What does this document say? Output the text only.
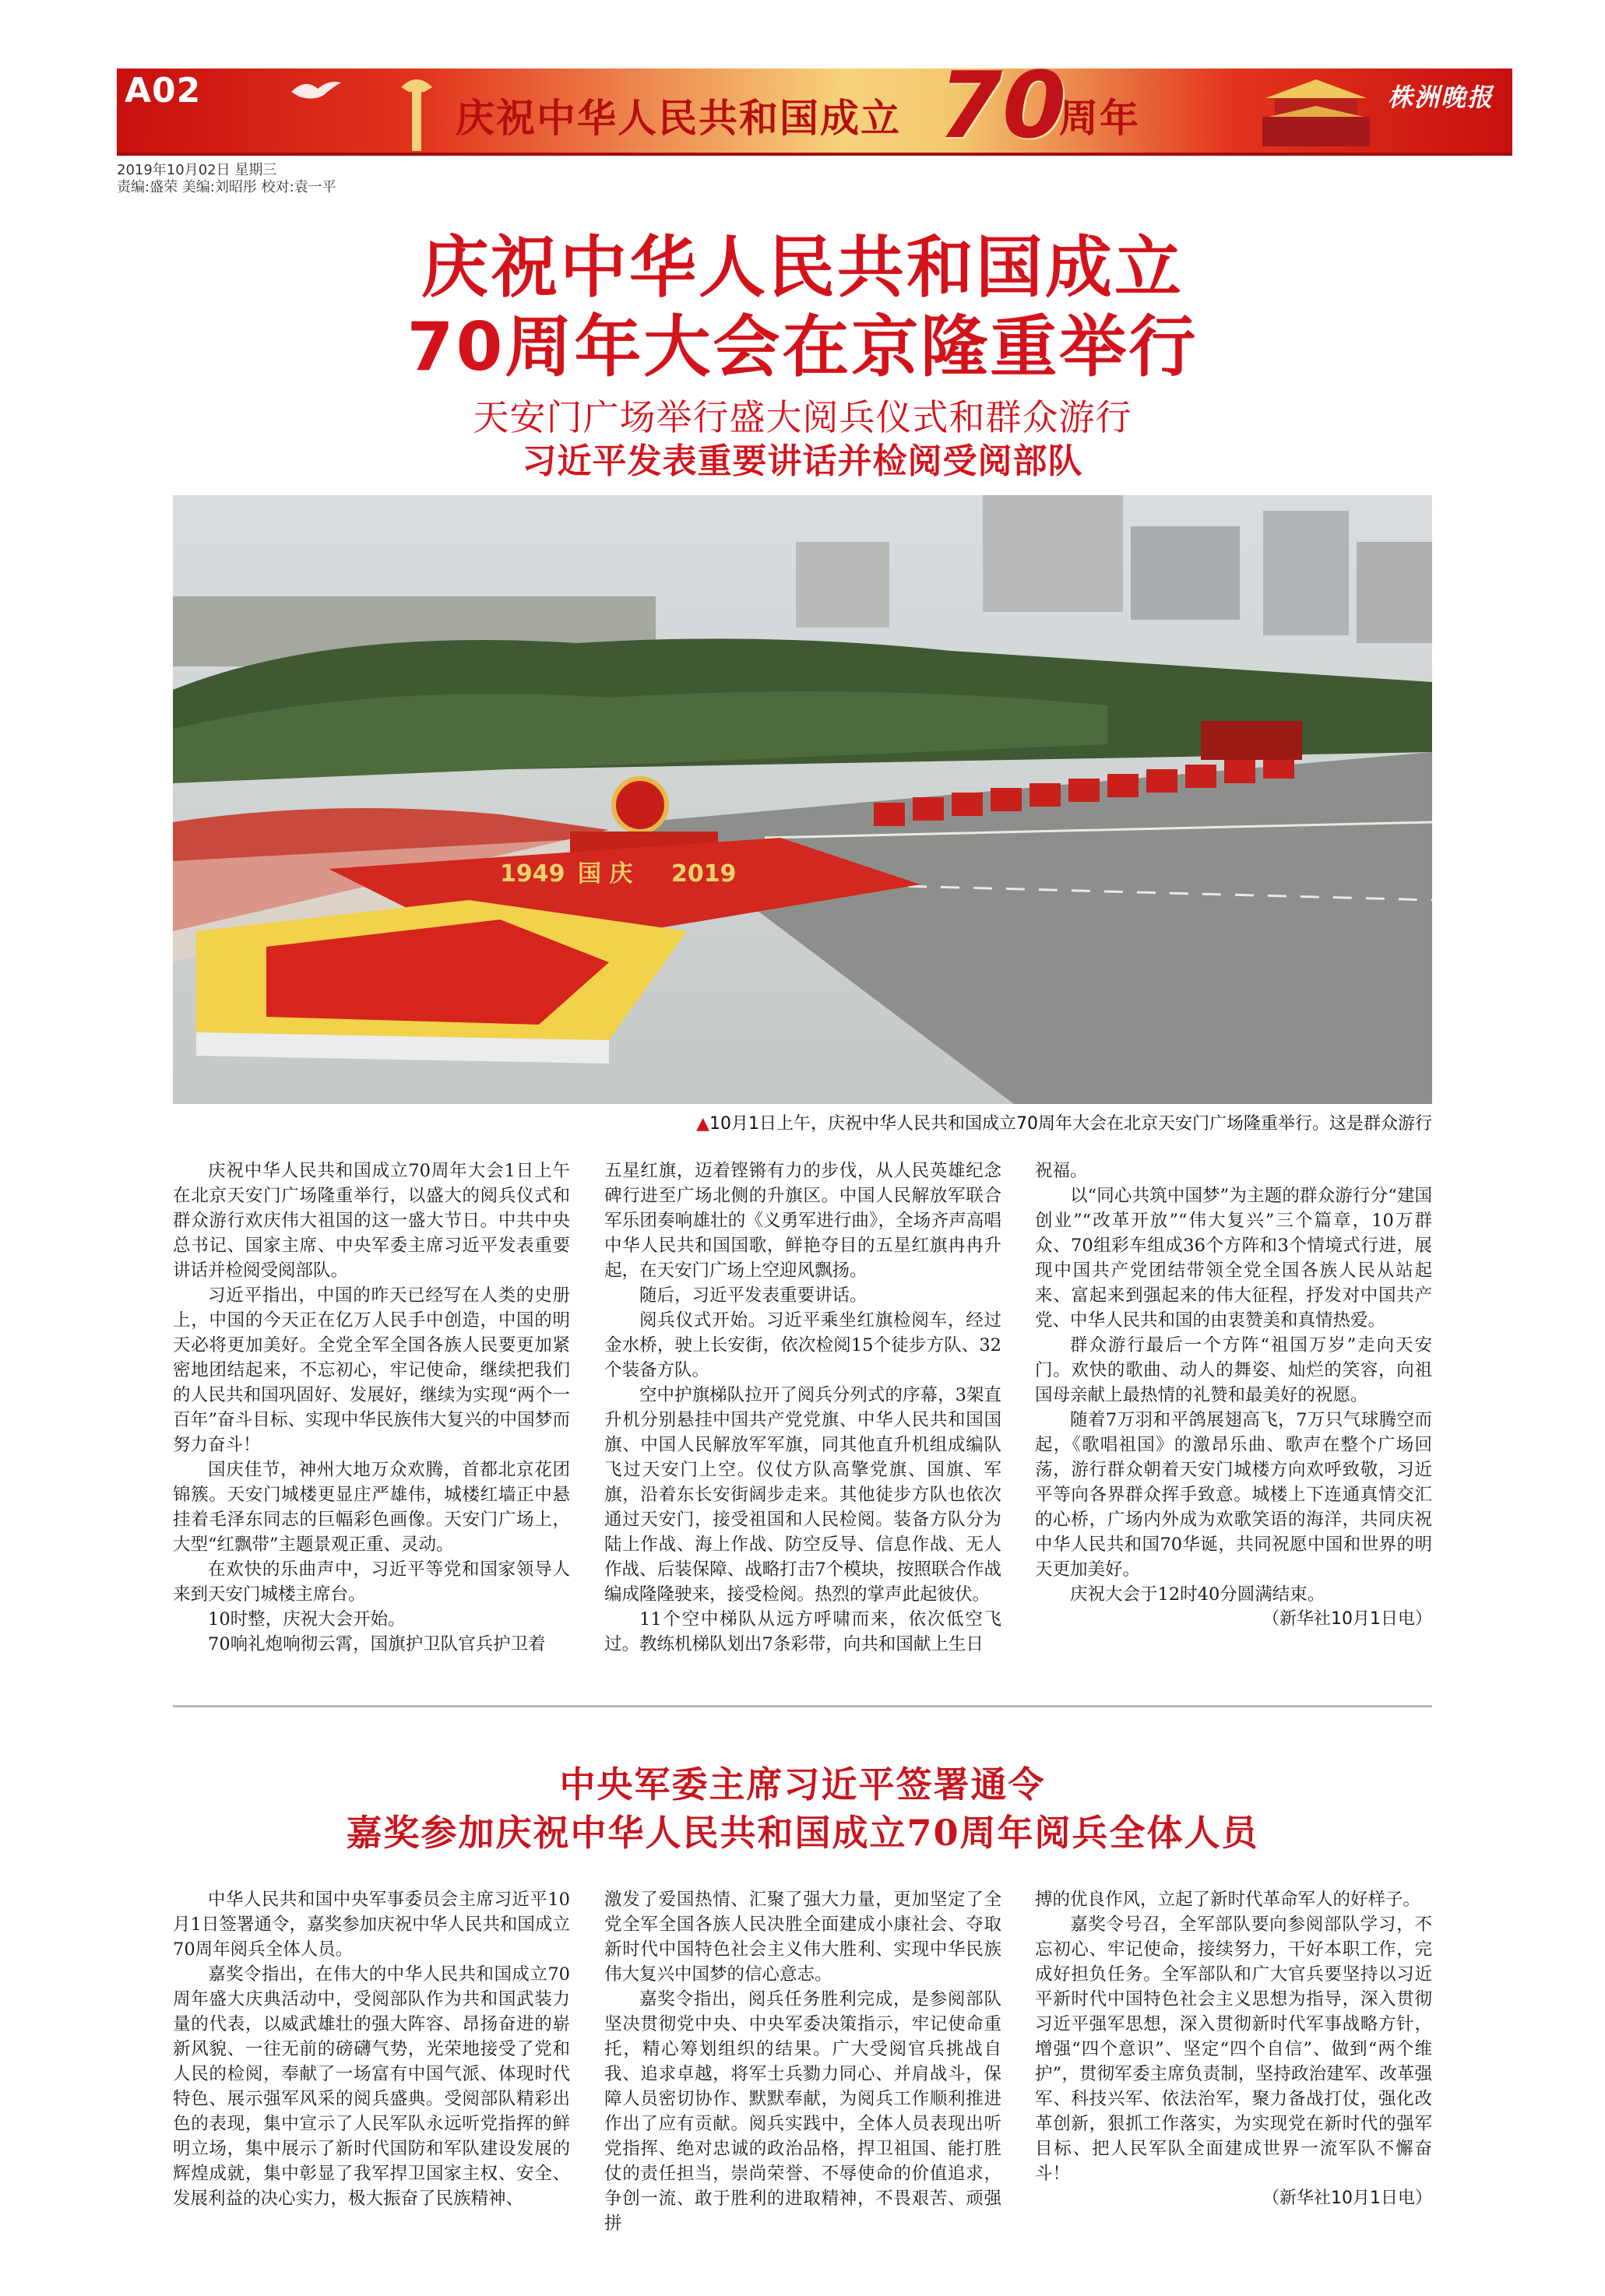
A02
庆祝中华人民共和国成立 70
周年	株洲晚报
2019年10月02日 星期三
责编:盛荣 美编:刘昭彤 校对:袁一平
庆祝中华人民共和国成立
70周年大会在京隆重举行
天安门广场举行盛大阅兵仪式和群众游行
习近平发表重要讲话并检阅受阅部队
1949 国 庆 2019
▲10月1日上午，庆祝中华人民共和国成立70周年大会在北京天安门广场隆重举行。这是群众游行

庆祝中华人民共和国成立70周年大会1日上午在北京天安门广场隆重举行，以盛大的阅兵仪式和群众游行欢庆伟大祖国的这一盛大节日。中共中央总书记、国家主席、中央军委主席习近平发表重要讲话并检阅受阅部队。

习近平指出，中国的昨天已经写在人类的史册上，中国的今天正在亿万人民手中创造，中国的明天必将更加美好。全党全军全国各族人民要更加紧密地团结起来，不忘初心，牢记使命，继续把我们的人民共和国巩固好、发展好，继续为实现“两个一百年”奋斗目标、实现中华民族伟大复兴的中国梦而努力奋斗！

国庆佳节，神州大地万众欢腾，首都北京花团锦簇。天安门城楼更显庄严雄伟，城楼红墙正中悬挂着毛泽东同志的巨幅彩色画像。天安门广场上，大型“红飘带”主题景观正重、灵动。

在欢快的乐曲声中，习近平等党和国家领导人来到天安门城楼主席台。

10时整，庆祝大会开始。

70响礼炮响彻云霄，国旗护卫队官兵护卫着

五星红旗，迈着铿锵有力的步伐，从人民英雄纪念碑行进至广场北侧的升旗区。中国人民解放军联合军乐团奏响雄壮的《义勇军进行曲》，全场齐声高唱中华人民共和国国歌，鲜艳夺目的五星红旗冉冉升起，在天安门广场上空迎风飘扬。

随后，习近平发表重要讲话。

阅兵仪式开始。习近平乘坐红旗检阅车，经过金水桥，驶上长安街，依次检阅15个徒步方队、32个装备方队。

空中护旗梯队拉开了阅兵分列式的序幕，3架直升机分别悬挂中国共产党党旗、中华人民共和国国旗、中国人民解放军军旗，同其他直升机组成编队飞过天安门上空。仪仗方队高擎党旗、国旗、军旗，沿着东长安街阔步走来。其他徒步方队也依次通过天安门，接受祖国和人民检阅。装备方队分为陆上作战、海上作战、防空反导、信息作战、无人作战、后装保障、战略打击7个模块，按照联合作战编成隆隆驶来，接受检阅。热烈的掌声此起彼伏。

11个空中梯队从远方呼啸而来，依次低空飞过。教练机梯队划出7条彩带，向共和国献上生日

祝福。

以“同心共筑中国梦”为主题的群众游行分“建国创业”“改革开放”“伟大复兴”三个篇章，10万群众、70组彩车组成36个方阵和3个情境式行进，展现中国共产党团结带领全党全国各族人民从站起来、富起来到强起来的伟大征程，抒发对中国共产党、中华人民共和国的由衷赞美和真情热爱。

群众游行最后一个方阵“祖国万岁”走向天安门。欢快的歌曲、动人的舞姿、灿烂的笑容，向祖国母亲献上最热情的礼赞和最美好的祝愿。

随着7万羽和平鸽展翅高飞，7万只气球腾空而起，《歌唱祖国》的激昂乐曲、歌声在整个广场回荡，游行群众朝着天安门城楼方向欢呼致敬，习近平等向各界群众挥手致意。城楼上下连通真情交汇的心桥，广场内外成为欢歌笑语的海洋，共同庆祝中华人民共和国70华诞，共同祝愿中国和世界的明天更加美好。

庆祝大会于12时40分圆满结束。

（新华社10月1日电）

中央军委主席习近平签署通令
嘉奖参加庆祝中华人民共和国成立70周年阅兵全体人员

中华人民共和国中央军事委员会主席习近平10月1日签署通令，嘉奖参加庆祝中华人民共和国成立70周年阅兵全体人员。

嘉奖令指出，在伟大的中华人民共和国成立70周年盛大庆典活动中，受阅部队作为共和国武装力量的代表，以威武雄壮的强大阵容、昂扬奋进的崭新风貌、一往无前的磅礴气势，光荣地接受了党和人民的检阅，奉献了一场富有中国气派、体现时代特色、展示强军风采的阅兵盛典。受阅部队精彩出色的表现，集中宣示了人民军队永远听党指挥的鲜明立场，集中展示了新时代国防和军队建设发展的辉煌成就，集中彰显了我军捍卫国家主权、安全、发展利益的决心实力，极大振奋了民族精神、

激发了爱国热情、汇聚了强大力量，更加坚定了全党全军全国各族人民决胜全面建成小康社会、夺取新时代中国特色社会主义伟大胜利、实现中华民族伟大复兴中国梦的信心意志。

嘉奖令指出，阅兵任务胜利完成，是参阅部队坚决贯彻党中央、中央军委决策指示，牢记使命重托，精心筹划组织的结果。广大受阅官兵挑战自我、追求卓越，将军士兵勠力同心、并肩战斗，保障人员密切协作、默默奉献，为阅兵工作顺利推进作出了应有贡献。阅兵实践中，全体人员表现出听党指挥、绝对忠诚的政治品格，捍卫祖国、能打胜仗的责任担当，崇尚荣誉、不辱使命的价值追求，争创一流、敢于胜利的进取精神，不畏艰苦、顽强拼

搏的优良作风，立起了新时代革命军人的好样子。

嘉奖令号召，全军部队要向参阅部队学习，不忘初心、牢记使命，接续努力，干好本职工作，完成好担负任务。全军部队和广大官兵要坚持以习近平新时代中国特色社会主义思想为指导，深入贯彻习近平强军思想，深入贯彻新时代军事战略方针，增强“四个意识”、坚定“四个自信”、做到“两个维护”，贯彻军委主席负责制，坚持政治建军、改革强军、科技兴军、依法治军，聚力备战打仗，强化改革创新，狠抓工作落实，为实现党在新时代的强军目标、把人民军队全面建成世界一流军队不懈奋斗！

（新华社10月1日电）
